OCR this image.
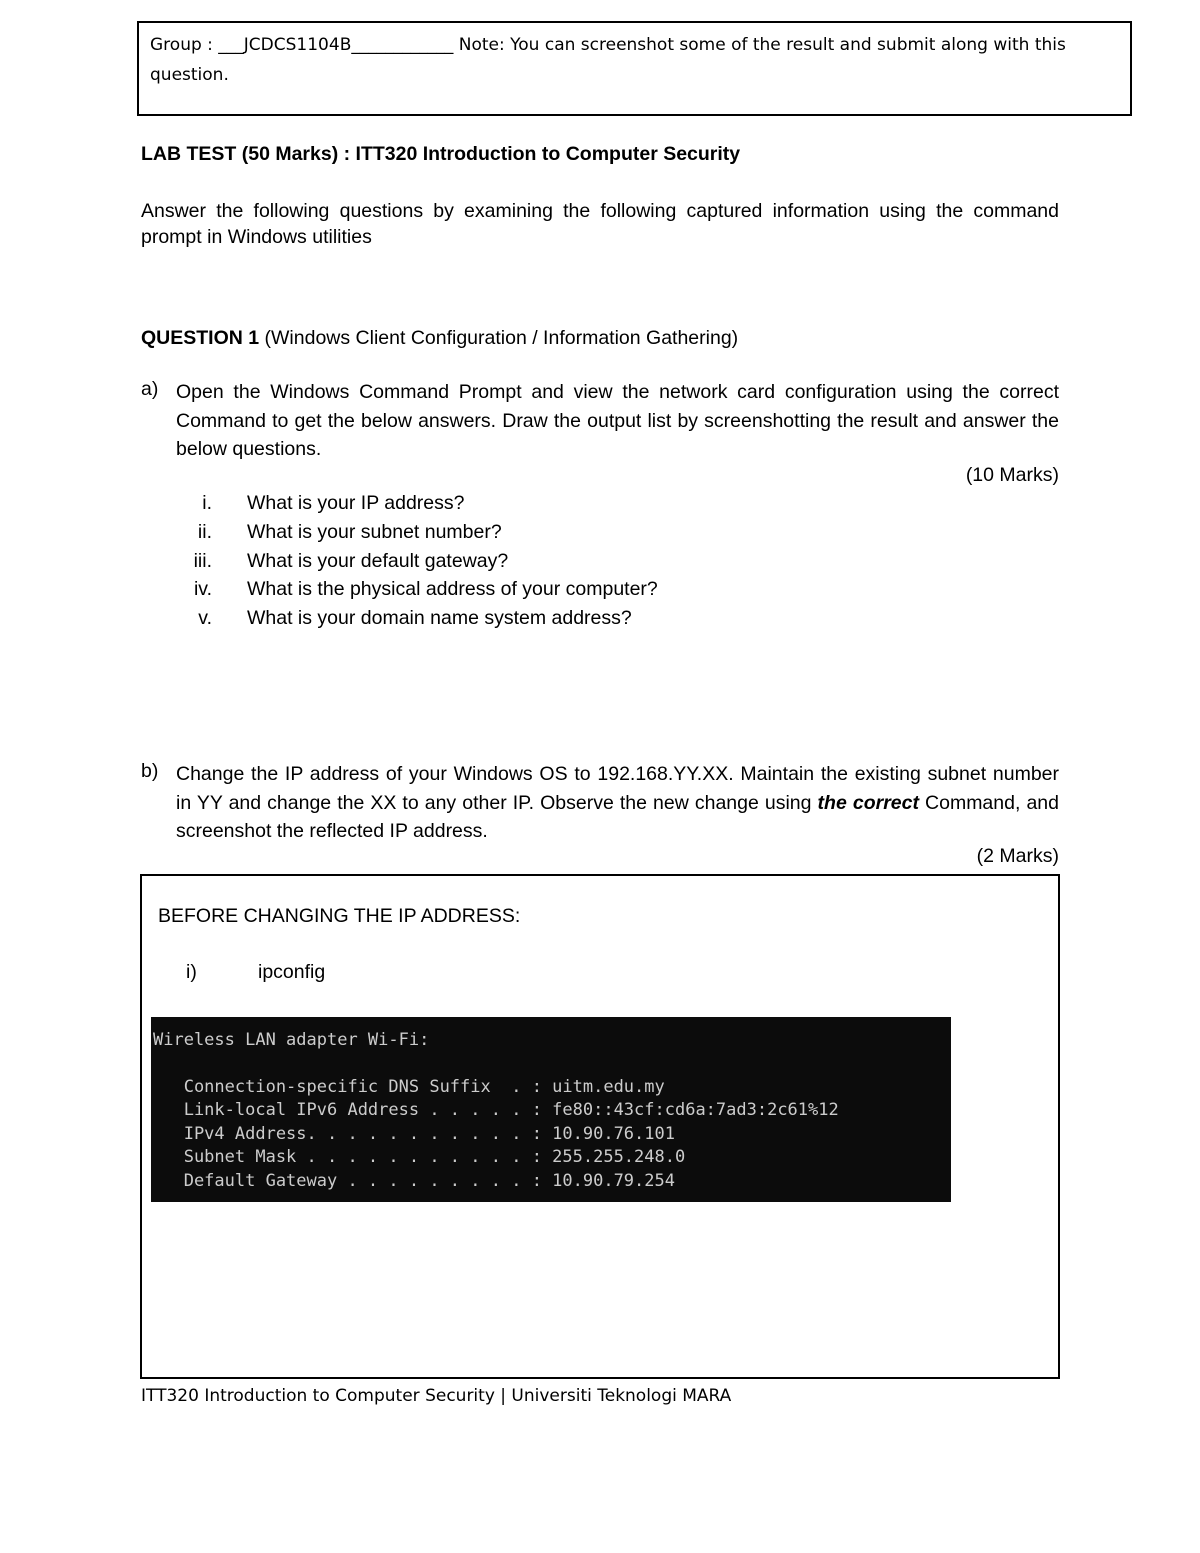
Group : ___JCDCS1104B____________ Note: You can screenshot some of the result and submit along with this question.
LAB TEST (50 Marks) : ITT320 Introduction to Computer Security
Answer the following questions by examining the following captured information using the command prompt in Windows utilities
QUESTION 1 (Windows Client Configuration / Information Gathering)
a) Open the Windows Command Prompt and view the network card configuration using the correct Command to get the below answers. Draw the output list by screenshotting the result and answer the below questions.
(10 Marks)
i. What is your IP address?
ii. What is your subnet number?
iii. What is your default gateway?
iv. What is the physical address of your computer?
v. What is your domain name system address?
b) Change the IP address of your Windows OS to 192.168.YY.XX. Maintain the existing subnet number in YY and change the XX to any other IP. Observe the new change using the correct Command, and screenshot the reflected IP address.
(2 Marks)
BEFORE CHANGING THE IP ADDRESS:
i)	ipconfig
Wireless LAN adapter Wi-Fi:
Connection-specific DNS Suffix  . : uitm.edu.my
Link-local IPv6 Address . . . . . : fe80::43cf:cd6a:7ad3:2c61%12
IPv4 Address. . . . . . . . . . . : 10.90.76.101
Subnet Mask . . . . . . . . . . . : 255.255.248.0
Default Gateway . . . . . . . . . : 10.90.79.254
ITT320 Introduction to Computer Security | Universiti Teknologi MARA
